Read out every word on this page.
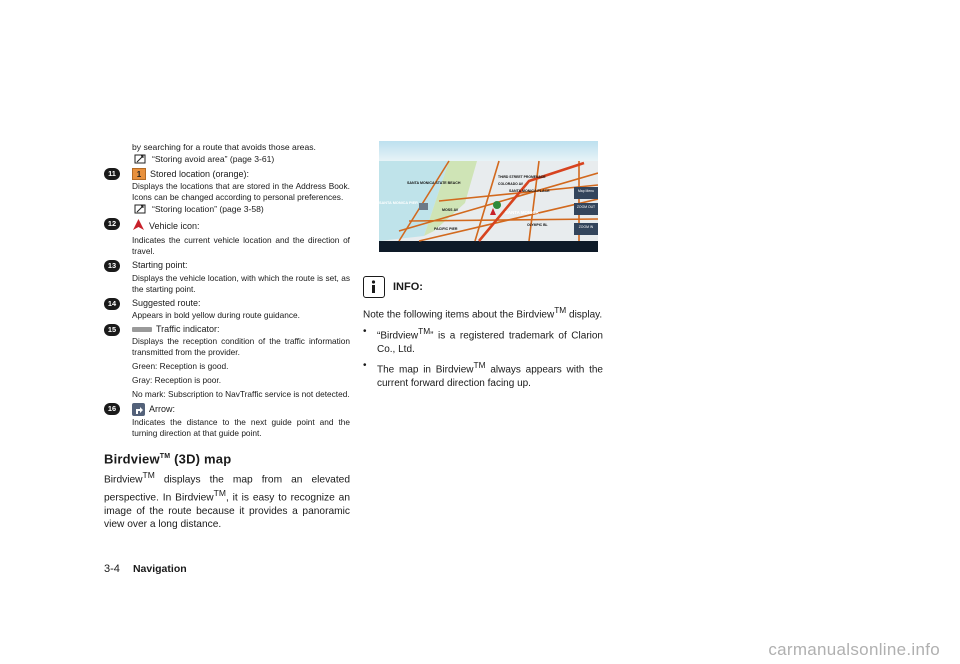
by searching for a route that avoids those areas.

“Storing avoid area” (page 3-61)
11	1 Stored location (orange):
Displays the locations that are stored in the Address Book. Icons can be changed according to personal preferences.
“Storing location” (page 3-58)
12	Vehicle icon:
Indicates the current vehicle location and the direction of travel.
13	Starting point:
Displays the vehicle location, with which the route is set, as the starting point.
14	Suggested route:
Appears in bold yellow during route guidance.
15	Traffic indicator:
Displays the reception condition of the traffic information transmitted from the provider.
Green: Reception is good.
Gray: Reception is poor.
No mark: Subscription to NavTraffic service is not detected.
16	Arrow:
Indicates the distance to the next guide point and the turning direction at that guide point.
Birdview™ (3D) map

Birdview™ displays the map from an elevated perspective. In Birdview™, it is easy to recognize an image of the route because it provides a panoramic view over a long distance.

3-4 Navigation
SANTA MONICA STATE BEACH
THIRD STREET PROMENADE
COLORADO AV
SANTA MONICA PLACE
SANTA MONICA PIER
MOSS AV	SANTA MONICA
OLYMPIC BL
PACIFIC PIER
Map Menu
ZOOM OUT
ZOOM IN
INFO:

Note the following items about the Birdview™ display.

• “Birdview™” is a registered trademark of Clarion Co., Ltd.
• The map in Birdview™ always appears with the current forward direction facing up.
carmanualsonline.info
